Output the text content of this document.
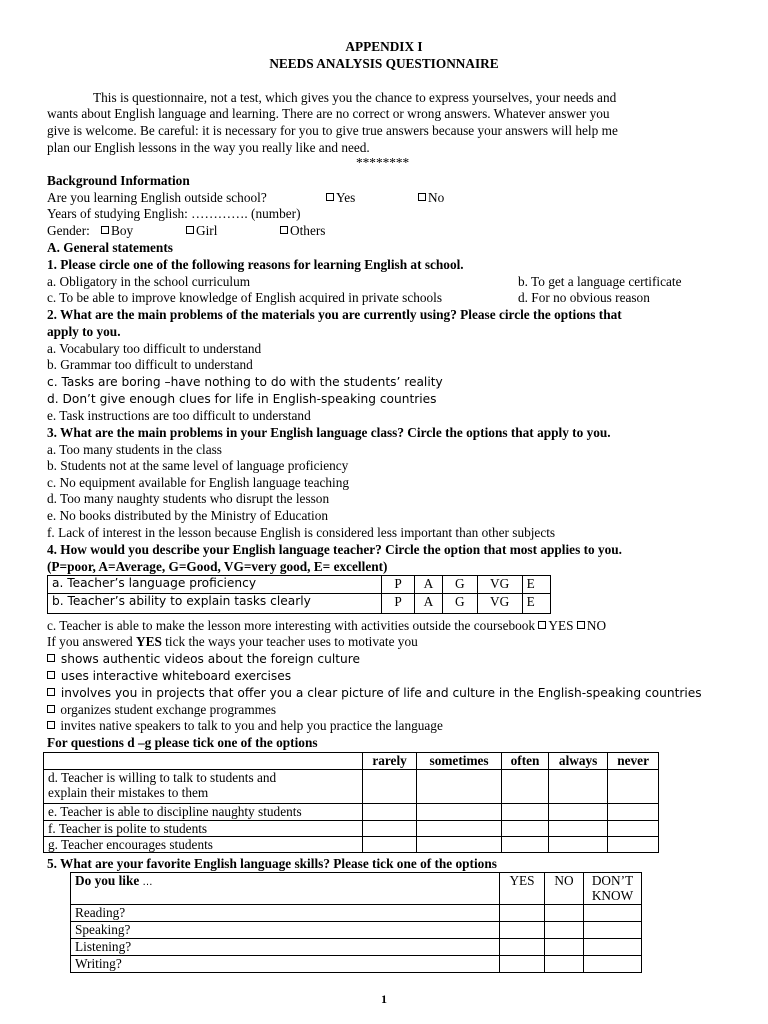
APPENDIX I
NEEDS ANALYSIS QUESTIONNAIRE
This is questionnaire, not a test, which gives you the chance to express yourselves, your needs and
wants about English language and learning. There are no correct or wrong answers. Whatever answer you
give is welcome. Be careful: it is necessary for you to give true answers because your answers will help me
plan our English lessons in the way you really like and need.
********
Background Information
Are you learning English outside school?	Yes	No
Years of studying English: …………. (number)
Gender:	Boy	Girl	Others
A. General statements
1. Please circle one of the following reasons for learning English at school.
a. Obligatory in the school curriculum	b. To get a language certificate
c. To be able to improve knowledge of English acquired in private schools	d. For no obvious reason
2. What are the main problems of the materials you are currently using? Please circle the options that
apply to you.
a. Vocabulary too difficult to understand
b. Grammar too difficult to understand
c. Tasks are boring –have nothing to do with the students’ reality
d. Don’t give enough clues for life in English-speaking countries
e. Task instructions are too difficult to understand
3. What are the main problems in your English language class? Circle the options that apply to you.
a. Too many students in the class
b. Students not at the same level of language proficiency
c. No equipment available for English language teaching
d. Too many naughty students who disrupt the lesson
e. No books distributed by the Ministry of Education
f. Lack of interest in the lesson because English is considered less important than other subjects
4. How would you describe your English language teacher? Circle the option that most applies to you.
(P=poor, A=Average, G=Good, VG=very good, E= excellent)
a. Teacher’s language proficiency	P	A	G	VG	E
b. Teacher’s ability to explain tasks clearly	P	A	G	VG	E
c. Teacher is able to make the lesson more interesting with activities outside the coursebook YES NO
If you answered YES tick the ways your teacher uses to motivate you
shows authentic videos about the foreign culture
uses interactive whiteboard exercises
involves you in projects that offer you a clear picture of life and culture in the English-speaking countries
organizes student exchange programmes
invites native speakers to talk to you and help you practice the language
For questions d –g please tick one of the options
	rarely	sometimes	often	always	never

d. Teacher is willing to talk to students and
explain their mistakes to them					

e. Teacher is able to discipline naughty students					
f. Teacher is polite to students					
g. Teacher encourages students					
5. What are your favorite English language skills? Please tick one of the options
Do you like …	YES	NO	DON’T
KNOW

Reading?			
Speaking?			
Listening?			
Writing?			
1
